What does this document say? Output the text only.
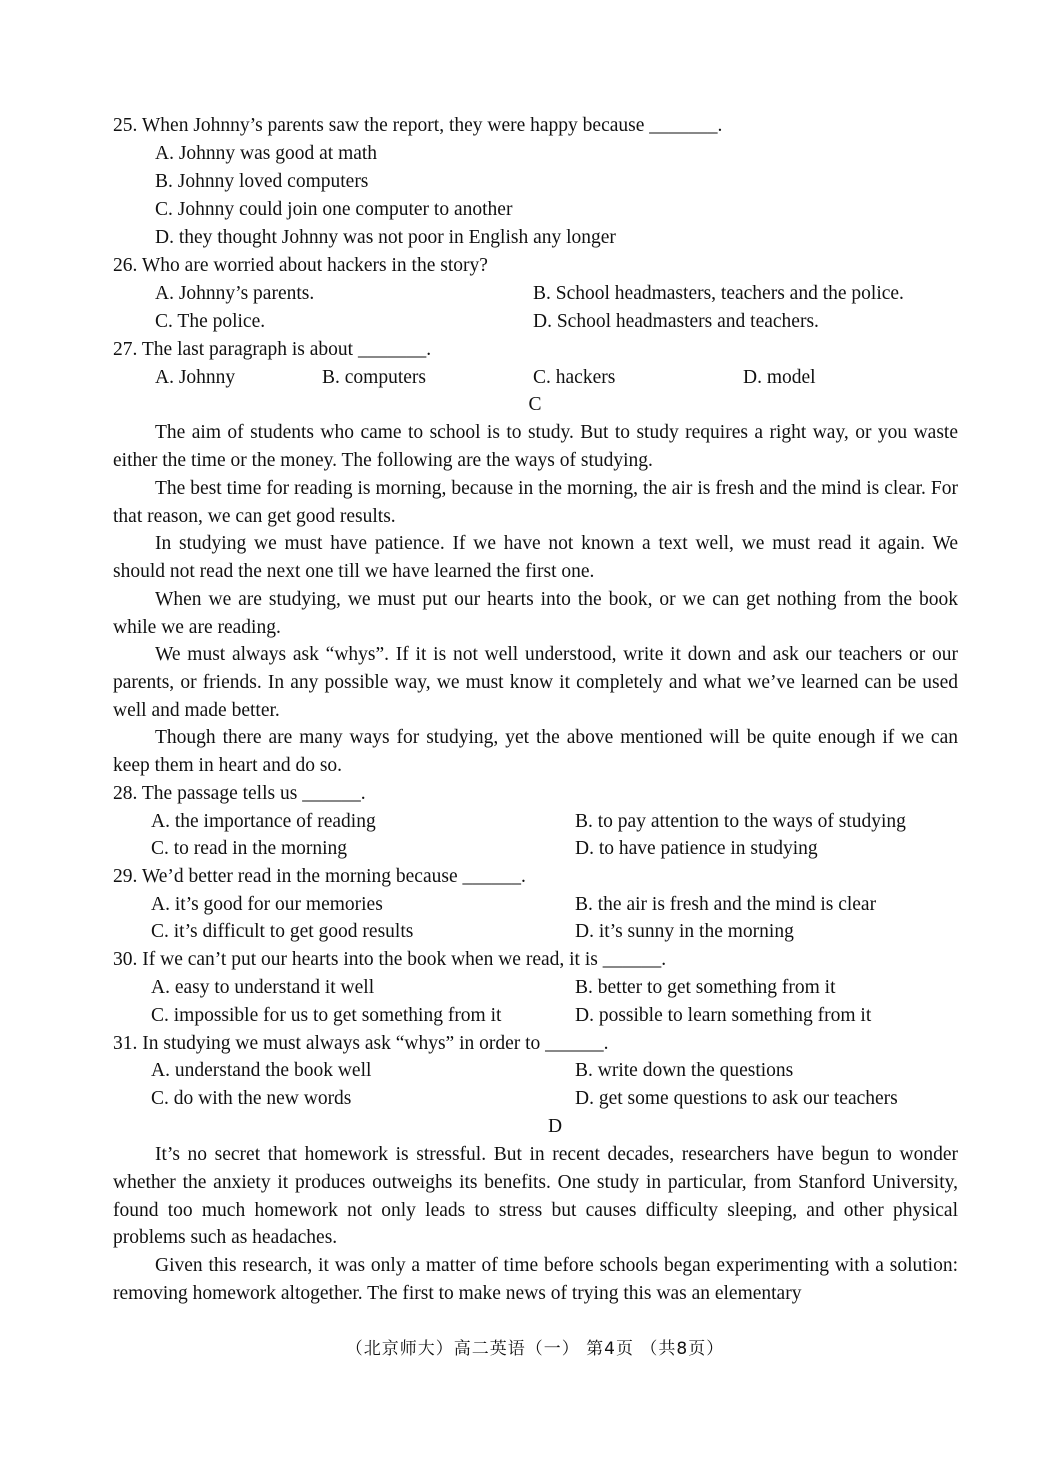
25. When Johnny’s parents saw the report, they were happy because _______.
A. Johnny was good at math
B. Johnny loved computers
C. Johnny could join one computer to another
D. they thought Johnny was not poor in English any longer
26. Who are worried about hackers in the story?
A. Johnny’s parents.	B. School headmasters, teachers and the police.
C. The police.	D. School headmasters and teachers.
27. The last paragraph is about _______.
A. Johnny	B. computers	C. hackers	D. model
C

The aim of students who came to school is to study. But to study requires a right way, or you waste either the time or the money. The following are the ways of studying.

The best time for reading is morning, because in the morning, the air is fresh and the mind is clear. For that reason, we can get good results.

In studying we must have patience. If we have not known a text well, we must read it again. We should not read the next one till we have learned the first one.

When we are studying, we must put our hearts into the book, or we can get nothing from the book while we are reading.

We must always ask “whys”. If it is not well understood, write it down and ask our teachers or our parents, or friends. In any possible way, we must know it completely and what we’ve learned can be used well and made better.

Though there are many ways for studying, yet the above mentioned will be quite enough if we can keep them in heart and do so.

28. The passage tells us ______.
A. the importance of reading	B. to pay attention to the ways of studying
C. to read in the morning	D. to have patience in studying
29. We’d better read in the morning because ______.
A. it’s good for our memories	B. the air is fresh and the mind is clear
C. it’s difficult to get good results	D. it’s sunny in the morning
30. If we can’t put our hearts into the book when we read, it is ______.
A. easy to understand it well	B. better to get something from it
C. impossible for us to get something from it	D. possible to learn something from it
31. In studying we must always ask “whys” in order to ______.
A. understand the book well	B. write down the questions
C. do with the new words	D. get some questions to ask our teachers
D

It’s no secret that homework is stressful. But in recent decades, researchers have begun to wonder whether the anxiety it produces outweighs its benefits. One study in particular, from Stanford University, found too much homework not only leads to stress but causes difficulty sleeping, and other physical problems such as headaches.

Given this research, it was only a matter of time before schools began experimenting with a solution: removing homework altogether. The first to make news of trying this was an elementary

（北京师大）高二英语（一） 第4页 （共8页）
